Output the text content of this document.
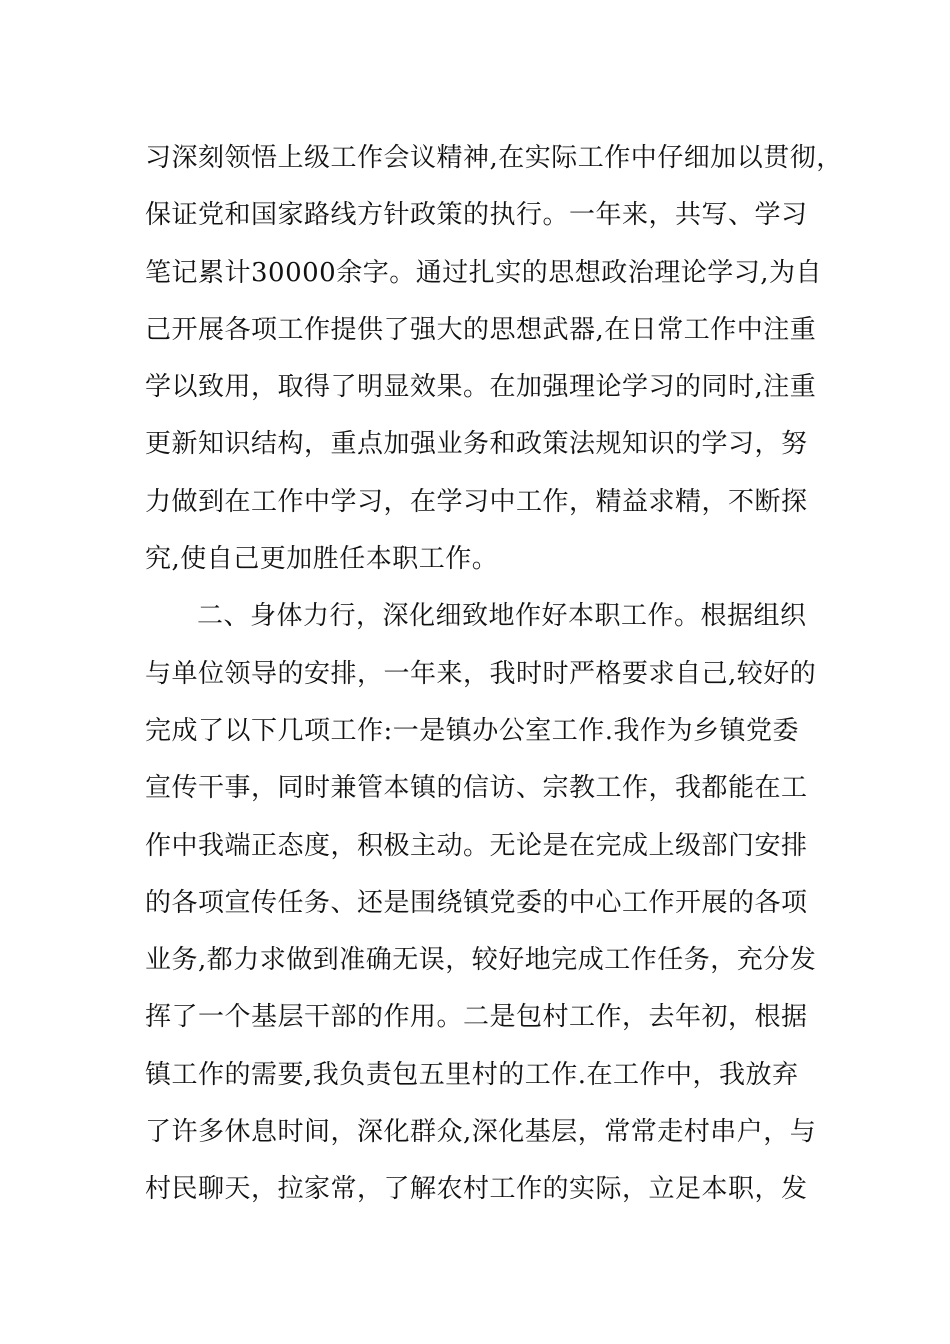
习深刻领悟上级工作会议精神,在实际工作中仔细加以贯彻，
保证党和国家路线方针政策的执行。一年来，共写、学习
笔记累计30000余字。通过扎实的思想政治理论学习,为自
己开展各项工作提供了强大的思想武器,在日常工作中注重
学以致用，取得了明显效果。在加强理论学习的同时,注重
更新知识结构，重点加强业务和政策法规知识的学习，努
力做到在工作中学习，在学习中工作，精益求精，不断探
究,使自己更加胜任本职工作。
二、身体力行，深化细致地作好本职工作。根据组织
与单位领导的安排，一年来，我时时严格要求自己,较好的
完成了以下几项工作:一是镇办公室工作.我作为乡镇党委
宣传干事，同时兼管本镇的信访、宗教工作，我都能在工
作中我端正态度，积极主动。无论是在完成上级部门安排
的各项宣传任务、还是围绕镇党委的中心工作开展的各项
业务,都力求做到准确无误，较好地完成工作任务，充分发
挥了一个基层干部的作用。二是包村工作，去年初，根据
镇工作的需要,我负责包五里村的工作.在工作中，我放弃
了许多休息时间，深化群众,深化基层，常常走村串户，与
村民聊天，拉家常，了解农村工作的实际，立足本职，发
